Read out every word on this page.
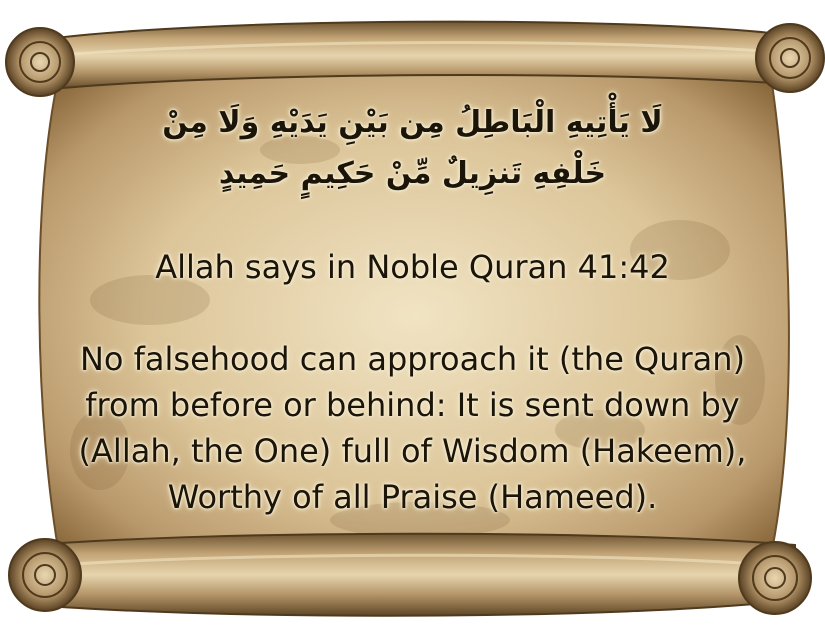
لَا يَأْتِيهِ الْبَاطِلُ مِن بَيْنِ يَدَيْهِ وَلَا مِنْ
خَلْفِهِ تَنزِيلٌ مِّنْ حَكِيمٍ حَمِيدٍ
Allah says in Noble Quran 41:42
No falsehood can approach it (the Quran)
from before or behind: It is sent down by
(Allah, the One) full of Wisdom (Hakeem),
Worthy of all Praise (Hameed).
